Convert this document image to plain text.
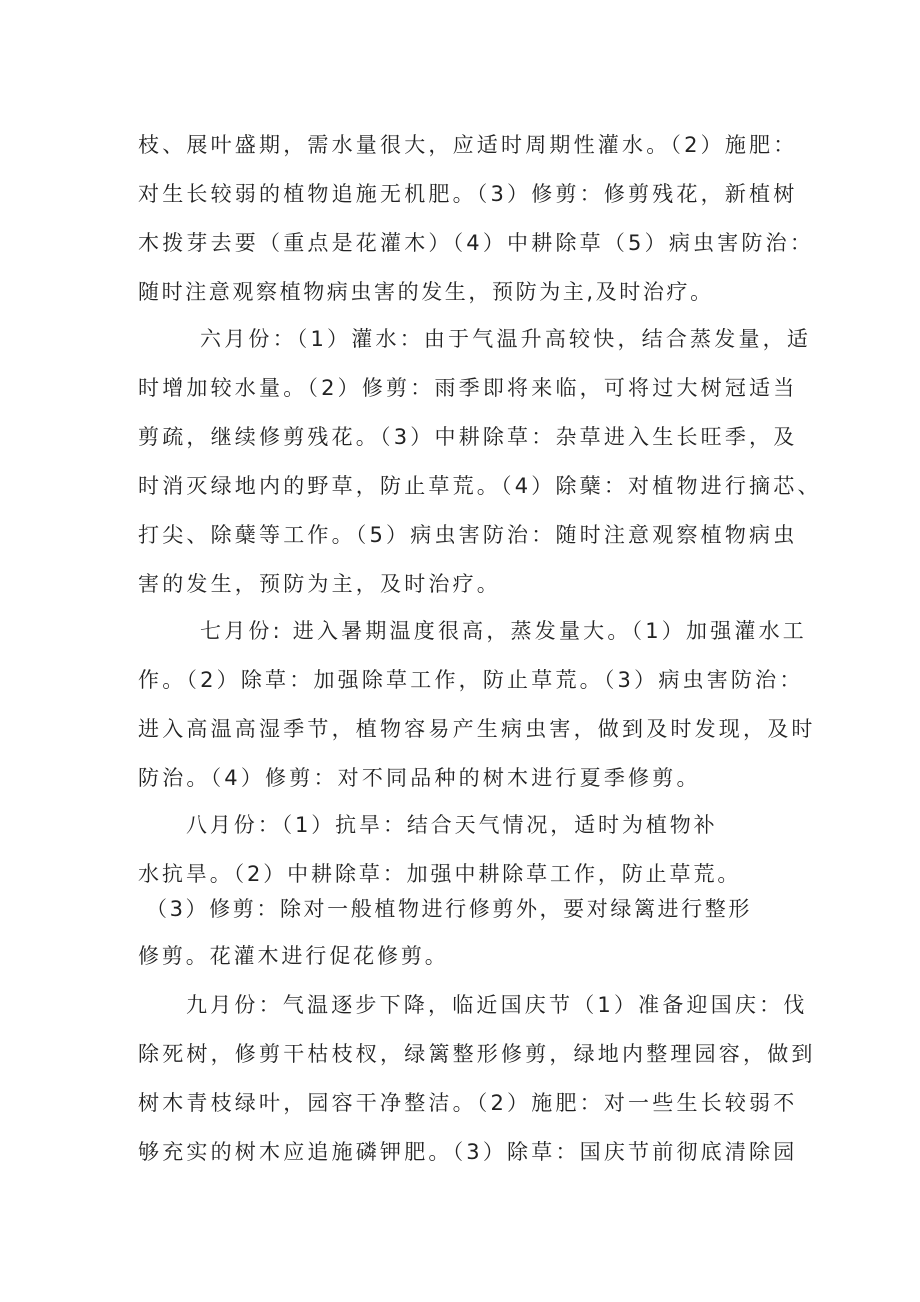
枝、展叶盛期，需水量很大，应适时周期性灌水。（2）施肥：

对生长较弱的植物追施无机肥。（3）修剪：修剪残花，新植树

木拨芽去要（重点是花灌木）（4）中耕除草（5）病虫害防治：

随时注意观察植物病虫害的发生，预防为主,及时治疗。

六月份：（1）灌水：由于气温升高较快，结合蒸发量，适

时增加较水量。（2）修剪：雨季即将来临，可将过大树冠适当

剪疏，继续修剪残花。（3）中耕除草：杂草进入生长旺季，及

时消灭绿地内的野草，防止草荒。（4）除蘖：对植物进行摘芯、

打尖、除蘖等工作。（5）病虫害防治：随时注意观察植物病虫

害的发生，预防为主，及时治疗。

七月份: 进入暑期温度很高，蒸发量大。（1）加强灌水工

作。（2）除草：加强除草工作，防止草荒。（3）病虫害防治：

进入高温高湿季节，植物容易产生病虫害，做到及时发现，及时

防治。（4）修剪：对不同品种的树木进行夏季修剪。

八月份：（1）抗旱：结合天气情况，适时为植物补

水抗旱。（2）中耕除草：加强中耕除草工作，防止草荒。

（3）修剪：除对一般植物进行修剪外，要对绿篱进行整形

修剪。花灌木进行促花修剪。

九月份：气温逐步下降，临近国庆节（1）准备迎国庆：伐

除死树，修剪干枯枝杈，绿篱整形修剪，绿地内整理园容，做到

树木青枝绿叶，园容干净整洁。（2）施肥：对一些生长较弱不

够充实的树木应追施磷钾肥。（3）除草：国庆节前彻底清除园
